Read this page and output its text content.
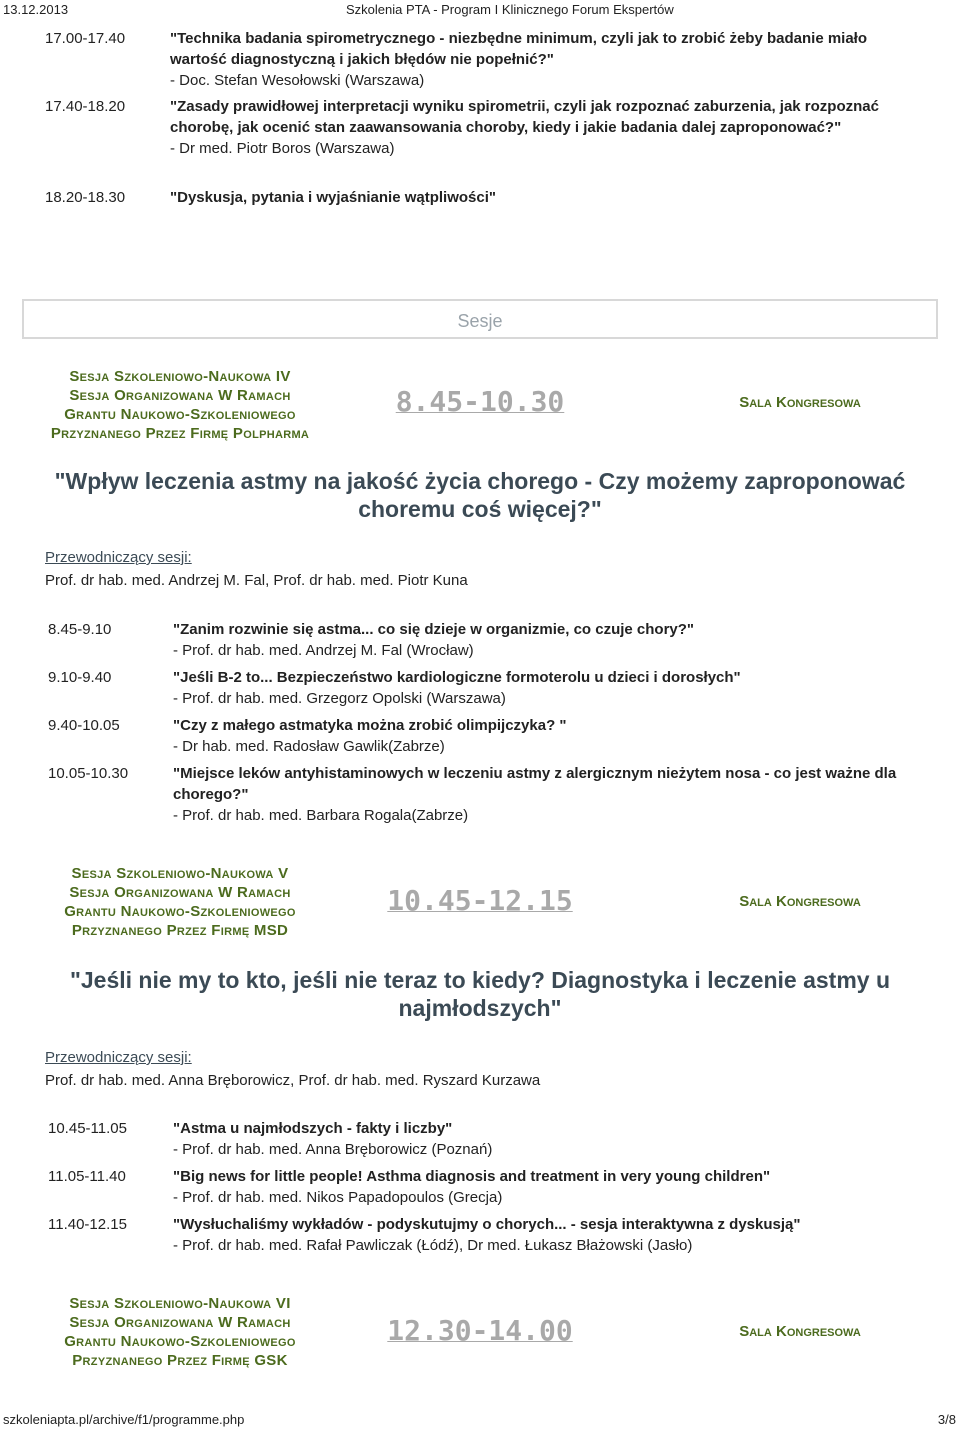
13.12.2013	Szkolenia PTA - Program I Klinicznego Forum Ekspertów
17.00-17.40	"Technika badania spirometrycznego - niezbędne minimum, czyli jak to zrobić żeby badanie miało wartość diagnostyczną i jakich błędów nie popełnić?"
- Doc. Stefan Wesołowski (Warszawa)
17.40-18.20	"Zasady prawidłowej interpretacji wyniku spirometrii, czyli jak rozpoznać zaburzenia, jak rozpoznać chorobę, jak ocenić stan zaawansowania choroby, kiedy i jakie badania dalej zaproponować?"
- Dr med. Piotr Boros (Warszawa)
18.20-18.30	"Dyskusja, pytania i wyjaśnianie wątpliwości"
Sesje
Sesja Szkoleniowo-Naukowa IV
Sesja Organizowana W Ramach
Grantu Naukowo-Szkoleniowego
Przyznanego Przez Firmę Polpharma
8.45-10.30	Sala Kongresowa
"Wpływ leczenia astmy na jakość życia chorego - Czy możemy zaproponować choremu coś więcej?"
Przewodniczący sesji:
Prof. dr hab. med. Andrzej M. Fal, Prof. dr hab. med. Piotr Kuna
8.45-9.10	"Zanim rozwinie się astma... co się dzieje w organizmie, co czuje chory?"
- Prof. dr hab. med. Andrzej M. Fal (Wrocław)
9.10-9.40	"Jeśli B-2 to... Bezpieczeństwo kardiologiczne formoterolu u dzieci i dorosłych"
- Prof. dr hab. med. Grzegorz Opolski (Warszawa)
9.40-10.05	"Czy z małego astmatyka można zrobić olimpijczyka? "
- Dr hab. med. Radosław Gawlik(Zabrze)
10.05-10.30	"Miejsce leków antyhistaminowych w leczeniu astmy z alergicznym nieżytem nosa - co jest ważne dla chorego?"
- Prof. dr hab. med. Barbara Rogala(Zabrze)
Sesja Szkoleniowo-Naukowa V
Sesja Organizowana W Ramach
Grantu Naukowo-Szkoleniowego
Przyznanego Przez Firmę MSD
10.45-12.15	Sala Kongresowa
"Jeśli nie my to kto, jeśli nie teraz to kiedy? Diagnostyka i leczenie astmy u najmłodszych"
Przewodniczący sesji:
Prof. dr hab. med. Anna Bręborowicz, Prof. dr hab. med. Ryszard Kurzawa
10.45-11.05	"Astma u najmłodszych - fakty i liczby"
- Prof. dr hab. med. Anna Bręborowicz (Poznań)
11.05-11.40	"Big news for little people! Asthma diagnosis and treatment in very young children"
- Prof. dr hab. med. Nikos Papadopoulos (Grecja)
11.40-12.15	"Wysłuchaliśmy wykładów - podyskutujmy o chorych... - sesja interaktywna z dyskusją"
- Prof. dr hab. med. Rafał Pawliczak (Łódź), Dr med. Łukasz Błażowski (Jasło)
Sesja Szkoleniowo-Naukowa VI
Sesja Organizowana W Ramach
Grantu Naukowo-Szkoleniowego
Przyznanego Przez Firmę GSK
12.30-14.00	Sala Kongresowa
szkoleniapta.pl/archive/f1/programme.php	3/8
